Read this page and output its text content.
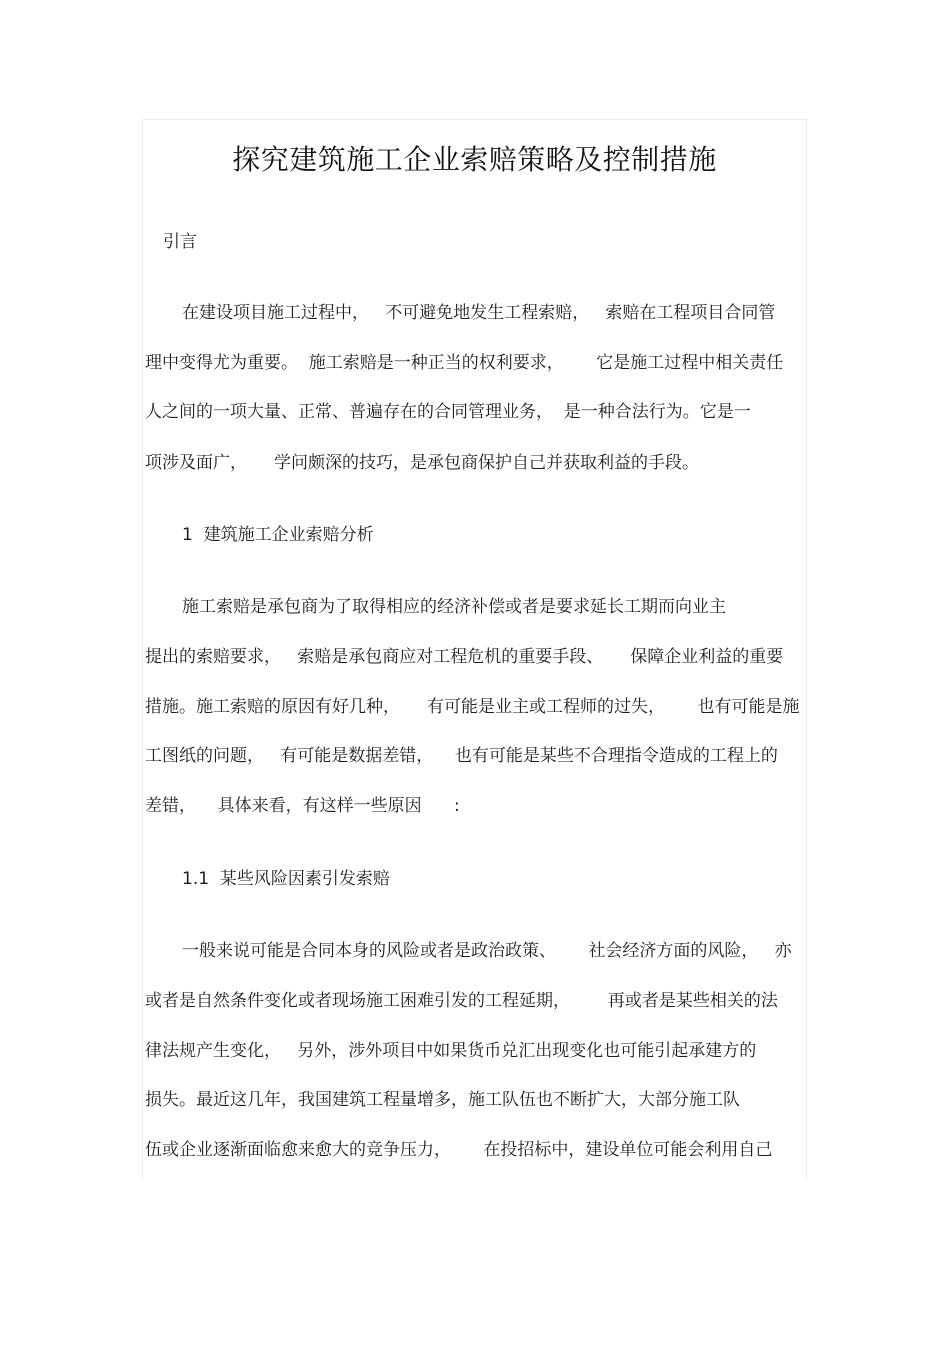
探究建筑施工企业索赔策略及控制措施

引言

在建设项目施工过程中，   不可避免地发生工程索赔，   索赔在工程项目合同管

理中变得尤为重要。  施工索赔是一种正当的权利要求，      它是施工过程中相关责任

人之间的一项大量、正常、普遍存在的合同管理业务，  是一种合法行为。它是一

项涉及面广，     学问颇深的技巧，是承包商保护自己并获取利益的手段。

1  建筑施工企业索赔分析

施工索赔是承包商为了取得相应的经济补偿或者是要求延长工期而向业主

提出的索赔要求，   索赔是承包商应对工程危机的重要手段、     保障企业利益的重要

措施。施工索赔的原因有好几种，     有可能是业主或工程师的过失，      也有可能是施

工图纸的问题，   有可能是数据差错，    也有可能是某些不合理指令造成的工程上的

差错，    具体来看，有这样一些原因      :

1.1  某些风险因素引发索赔

一般来说可能是合同本身的风险或者是政治政策、      社会经济方面的风险，   亦

或者是自然条件变化或者现场施工困难引发的工程延期，       再或者是某些相关的法

律法规产生变化，   另外，涉外项目中如果货币兑汇出现变化也可能引起承建方的

损失。最近这几年，我国建筑工程量增多，施工队伍也不断扩大，大部分施工队

伍或企业逐渐面临愈来愈大的竞争压力，      在投招标中，建设单位可能会利用自己
